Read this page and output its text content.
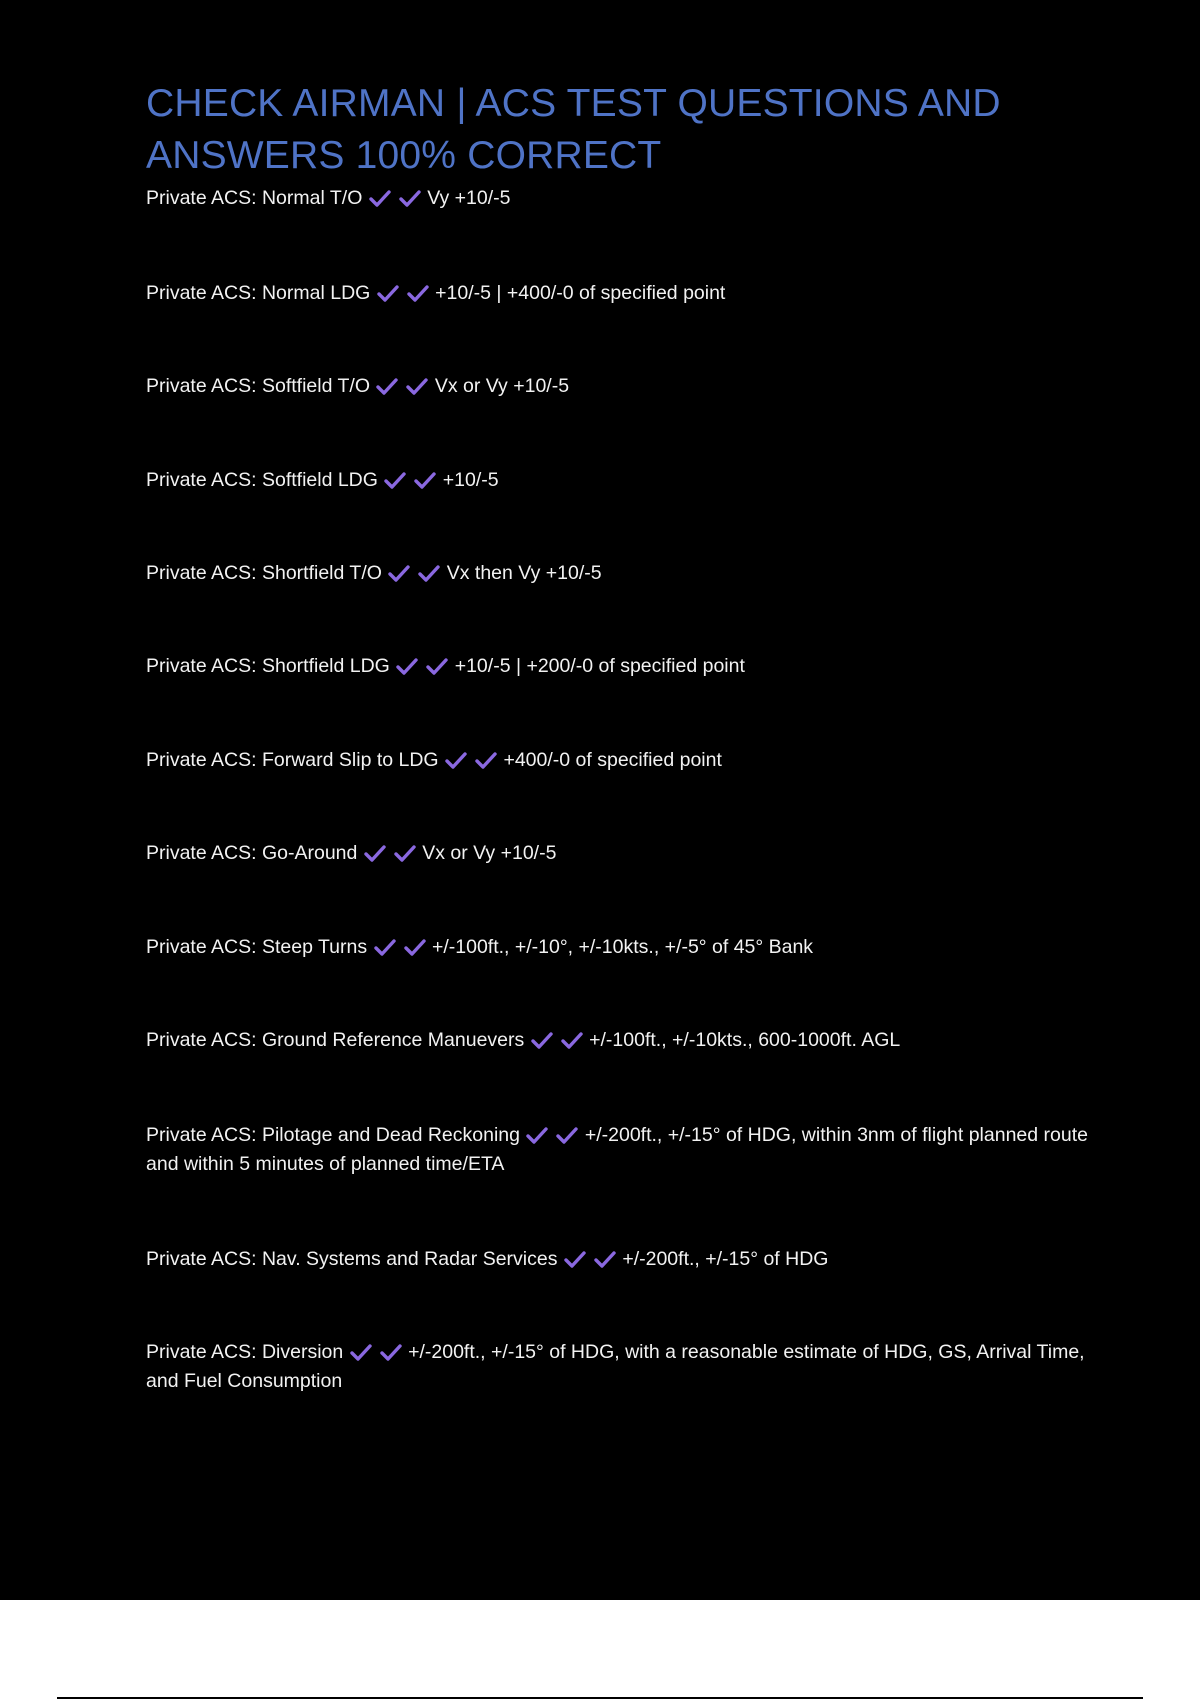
CHECK AIRMAN | ACS TEST QUESTIONS AND ANSWERS 100% CORRECT

Private ACS: Normal T/O	Vy +10/-5

Private ACS: Normal LDG	+10/-5 | +400/-0 of specified point

Private ACS: Softfield T/O	Vx or Vy +10/-5

Private ACS: Softfield LDG	+10/-5

Private ACS: Shortfield T/O	Vx then Vy +10/-5

Private ACS: Shortfield LDG	+10/-5 | +200/-0 of specified point

Private ACS: Forward Slip to LDG	+400/-0 of specified point

Private ACS: Go-Around	Vx or Vy +10/-5

Private ACS: Steep Turns	+/-100ft., +/-10°, +/-10kts., +/-5° of 45° Bank

Private ACS: Ground Reference Manuevers	+/-100ft., +/-10kts., 600-1000ft. AGL

Private ACS: Pilotage and Dead Reckoning	+/-200ft., +/-15° of HDG, within 3nm of flight planned route and within 5 minutes of planned time/ETA

Private ACS: Nav. Systems and Radar Services	+/-200ft., +/-15° of HDG

Private ACS: Diversion	+/-200ft., +/-15° of HDG, with a reasonable estimate of HDG, GS, Arrival Time, and Fuel Consumption
